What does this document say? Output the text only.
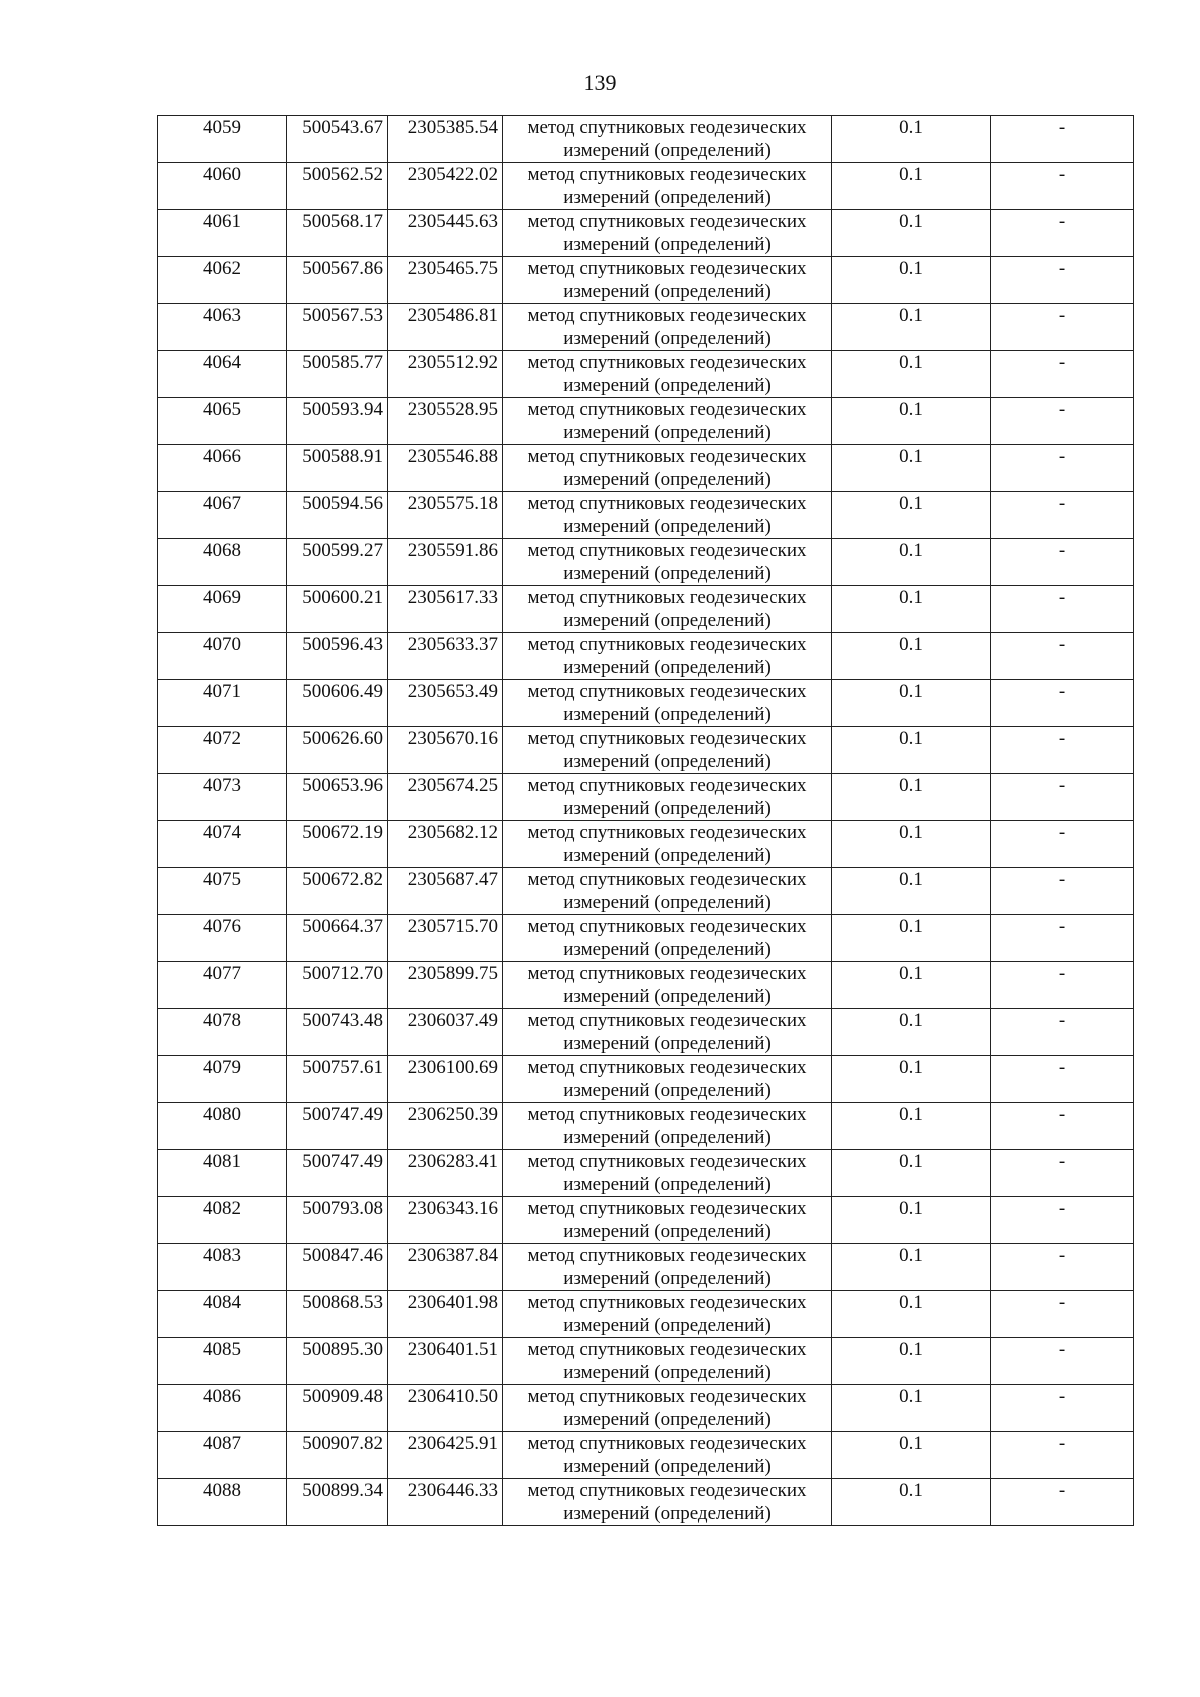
139
4059	500543.67	2305385.54	метод спутниковых геодезических измерений (определений)	0.1	-
4060	500562.52	2305422.02	метод спутниковых геодезических измерений (определений)	0.1	-
4061	500568.17	2305445.63	метод спутниковых геодезических измерений (определений)	0.1	-
4062	500567.86	2305465.75	метод спутниковых геодезических измерений (определений)	0.1	-
4063	500567.53	2305486.81	метод спутниковых геодезических измерений (определений)	0.1	-
4064	500585.77	2305512.92	метод спутниковых геодезических измерений (определений)	0.1	-
4065	500593.94	2305528.95	метод спутниковых геодезических измерений (определений)	0.1	-
4066	500588.91	2305546.88	метод спутниковых геодезических измерений (определений)	0.1	-
4067	500594.56	2305575.18	метод спутниковых геодезических измерений (определений)	0.1	-
4068	500599.27	2305591.86	метод спутниковых геодезических измерений (определений)	0.1	-
4069	500600.21	2305617.33	метод спутниковых геодезических измерений (определений)	0.1	-
4070	500596.43	2305633.37	метод спутниковых геодезических измерений (определений)	0.1	-
4071	500606.49	2305653.49	метод спутниковых геодезических измерений (определений)	0.1	-
4072	500626.60	2305670.16	метод спутниковых геодезических измерений (определений)	0.1	-
4073	500653.96	2305674.25	метод спутниковых геодезических измерений (определений)	0.1	-
4074	500672.19	2305682.12	метод спутниковых геодезических измерений (определений)	0.1	-
4075	500672.82	2305687.47	метод спутниковых геодезических измерений (определений)	0.1	-
4076	500664.37	2305715.70	метод спутниковых геодезических измерений (определений)	0.1	-
4077	500712.70	2305899.75	метод спутниковых геодезических измерений (определений)	0.1	-
4078	500743.48	2306037.49	метод спутниковых геодезических измерений (определений)	0.1	-
4079	500757.61	2306100.69	метод спутниковых геодезических измерений (определений)	0.1	-
4080	500747.49	2306250.39	метод спутниковых геодезических измерений (определений)	0.1	-
4081	500747.49	2306283.41	метод спутниковых геодезических измерений (определений)	0.1	-
4082	500793.08	2306343.16	метод спутниковых геодезических измерений (определений)	0.1	-
4083	500847.46	2306387.84	метод спутниковых геодезических измерений (определений)	0.1	-
4084	500868.53	2306401.98	метод спутниковых геодезических измерений (определений)	0.1	-
4085	500895.30	2306401.51	метод спутниковых геодезических измерений (определений)	0.1	-
4086	500909.48	2306410.50	метод спутниковых геодезических измерений (определений)	0.1	-
4087	500907.82	2306425.91	метод спутниковых геодезических измерений (определений)	0.1	-
4088	500899.34	2306446.33	метод спутниковых геодезических измерений (определений)	0.1	-
